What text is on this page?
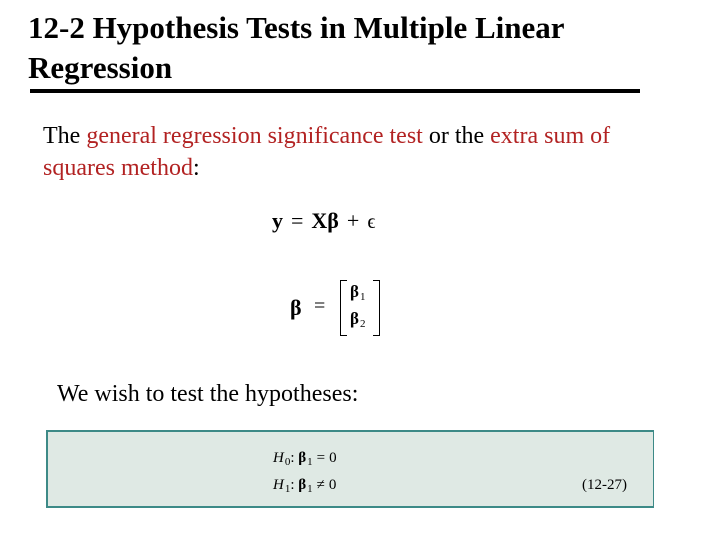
12-2 Hypothesis Tests in Multiple Linear Regression
The general regression significance test or the extra sum of squares method:
y = Xβ + ϵ
β =
$\beta_1$
$\beta_2$
We wish to test the hypotheses:
$H_0$: $\beta_1 = 0$
$H_1$: $\beta_1 \ne 0$	(12-27)
